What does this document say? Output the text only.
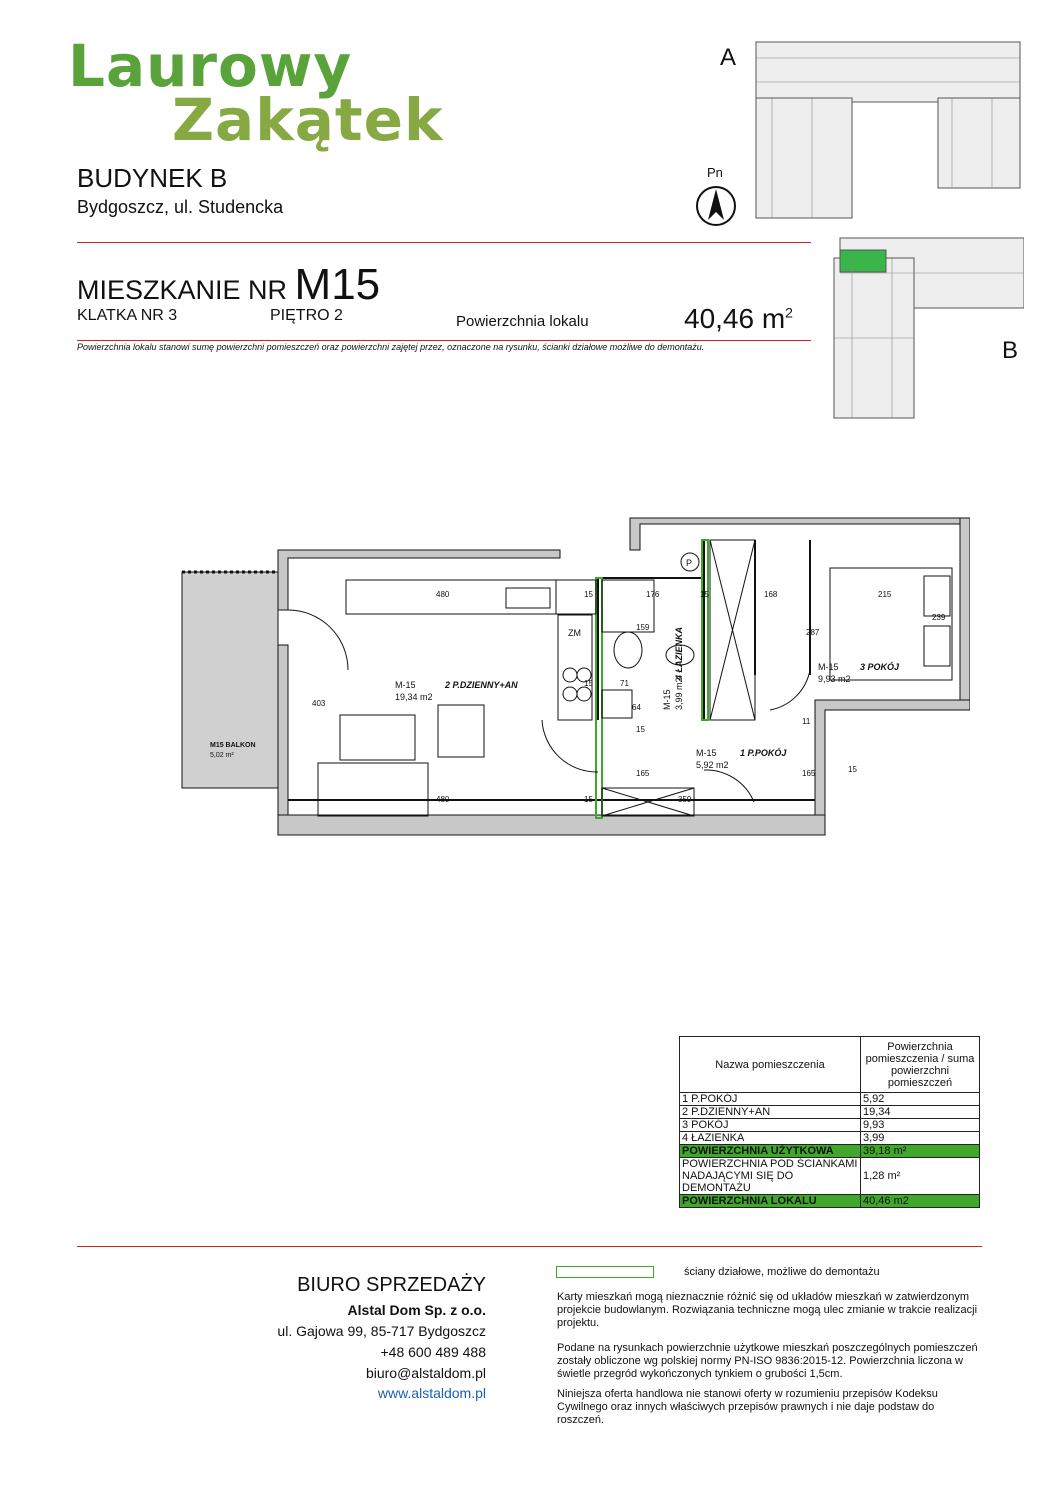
Laurowy
Zakątek
BUDYNEK B
Bydgoszcz, ul. Studencka
A
B
Pn
MIESZKANIE NR M15
KLATKA NR 3	PIĘTRO 2	Powierzchnia lokalu	40,46 $m^2$
Powierzchnia lokalu stanowi sumę powierzchni pomieszczeń oraz powierzchni zajętej przez, oznaczone na rysunku, ścianki działowe możliwe do demontażu.
480	15	176	15	168	215
159
287
239
403
71
64
15
15
480	15	359
165	165
11
15
ZM
P
M-15	2 P.DZIENNY+AN
19,34 m2
M-15 3 POKÓJ
9,93 m2
M-15	1 P.POKÓJ
5,92 m2
M15 BALKON
5,02 m²
M-15 3,99 m2
4 ŁAZIENKA
Nazwa pomieszczenia	Powierzchnia pomieszczenia / suma powierzchni pomieszczeń
1 P.POKÓJ	5,92
2 P.DZIENNY+AN	19,34
3 POKÓJ	9,93
4 ŁAZIENKA	3,99
POWIERZCHNIA UŻYTKOWA	39,18 m²
POWIERZCHNIA POD ŚCIANKAMI NADAJĄCYMI SIĘ DO DEMONTAŻU	1,28 m²
POWIERZCHNIA LOKALU	40,46 m2
BIURO SPRZEDAŻY
Alstal Dom Sp. z o.o.
ul. Gajowa 99, 85-717 Bydgoszcz
+48 600 489 488
biuro@alstaldom.pl
www.alstaldom.pl
ściany działowe, możliwe do demontażu
Karty mieszkań mogą nieznacznie różnić się od układów mieszkań w zatwierdzonym projekcie budowlanym. Rozwiązania techniczne mogą ulec zmianie w trakcie realizacji projektu.
Podane na rysunkach powierzchnie użytkowe mieszkań poszczególnych pomieszczeń zostały obliczone wg polskiej normy PN-ISO 9836:2015-12. Powierzchnia liczona w świetle przegród wykończonych tynkiem o grubości 1,5cm.
Niniejsza oferta handlowa nie stanowi oferty w rozumieniu przepisów Kodeksu Cywilnego oraz innych właściwych przepisów prawnych i nie daje podstaw do roszczeń.
